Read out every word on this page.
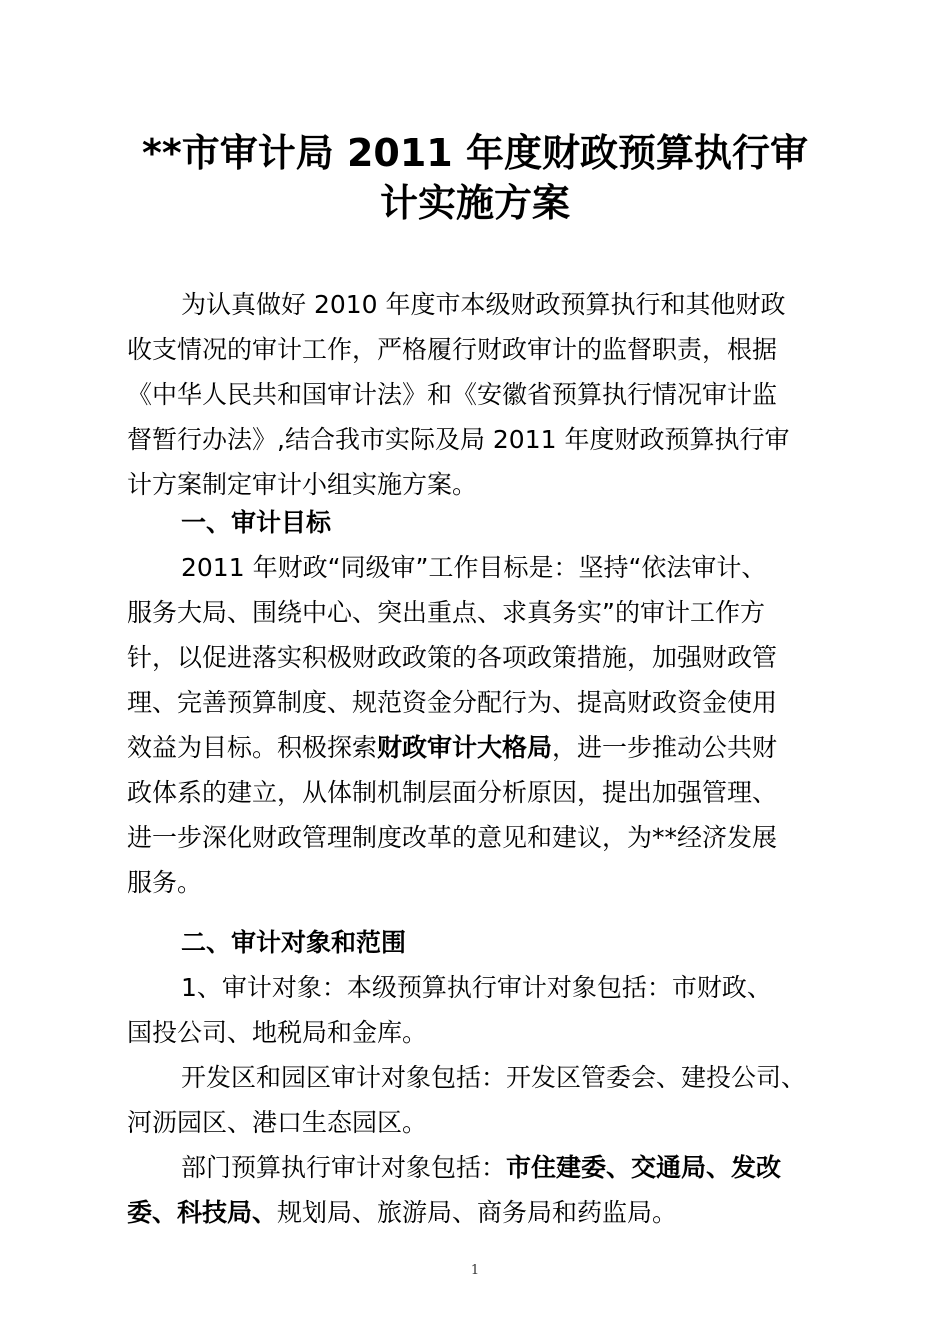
**市审计局 2011 年度财政预算执行审
计实施方案
为认真做好 2010 年度市本级财政预算执行和其他财政
收支情况的审计工作，严格履行财政审计的监督职责，根据
《中华人民共和国审计法》和《安徽省预算执行情况审计监
督暂行办法》,结合我市实际及局 2011 年度财政预算执行审
计方案制定审计小组实施方案。
一、审计目标
2011 年财政“同级审”工作目标是：坚持“依法审计、
服务大局、围绕中心、突出重点、求真务实”的审计工作方
针，以促进落实积极财政政策的各项政策措施，加强财政管
理、完善预算制度、规范资金分配行为、提高财政资金使用
效益为目标。积极探索财政审计大格局，进一步推动公共财
政体系的建立，从体制机制层面分析原因，提出加强管理、
进一步深化财政管理制度改革的意见和建议，为**经济发展
服务。
二、审计对象和范围
1、审计对象：本级预算执行审计对象包括：市财政、
国投公司、地税局和金库。
开发区和园区审计对象包括：开发区管委会、建投公司、
河沥园区、港口生态园区。
部门预算执行审计对象包括：市住建委、交通局、发改
委、科技局、规划局、旅游局、商务局和药监局。
1
